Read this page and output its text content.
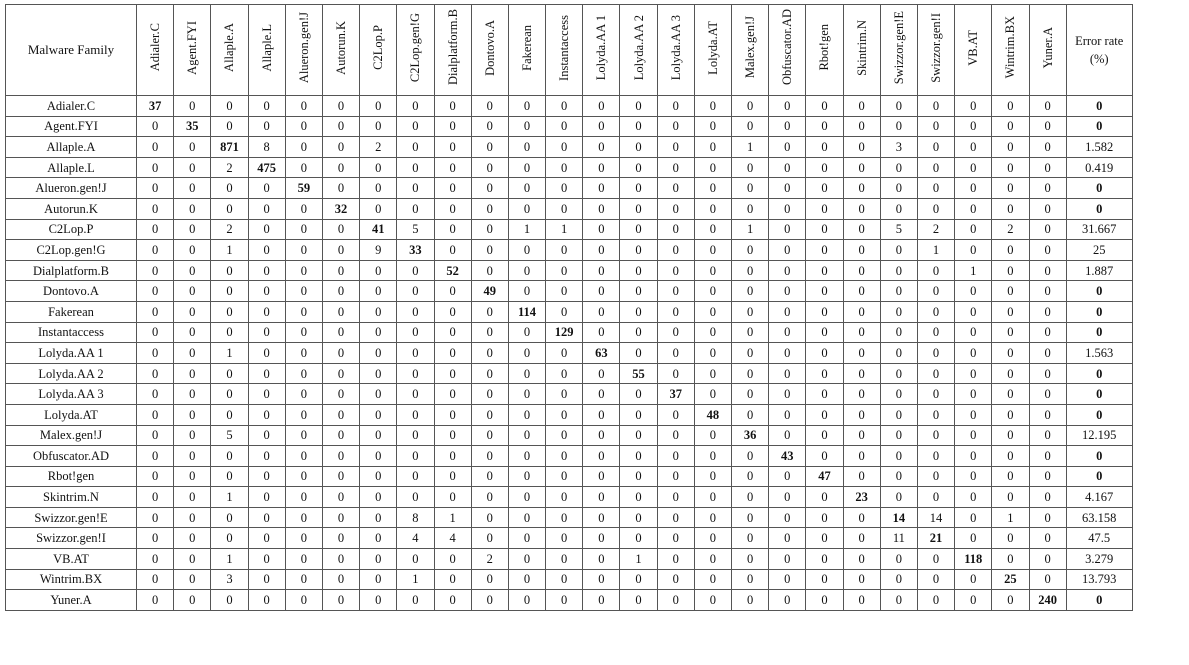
Malware Family	Adialer.C	Agent.FYI	Allaple.A	Allaple.L	Alueron.gen!J	Autorun.K	C2Lop.P	C2Lop.gen!G	Dialplatform.B	Dontovo.A	Fakerean	Instantaccess	Lolyda.AA 1	Lolyda.AA 2	Lolyda.AA 3	Lolyda.AT	Malex.gen!J	Obfuscator.AD	Rbot!gen	Skintrim.N	Swizzor.gen!E	Swizzor.gen!I	VB.AT	Wintrim.BX	Yuner.A	Error rate
(%)

Adialer.C	37	0	0	0	0	0	0	0	0	0	0	0	0	0	0	0	0	0	0	0	0	0	0	0	0	0
Agent.FYI	0	35	0	0	0	0	0	0	0	0	0	0	0	0	0	0	0	0	0	0	0	0	0	0	0	0
Allaple.A	0	0	871	8	0	0	2	0	0	0	0	0	0	0	0	0	1	0	0	0	3	0	0	0	0	1.582
Allaple.L	0	0	2	475	0	0	0	0	0	0	0	0	0	0	0	0	0	0	0	0	0	0	0	0	0	0.419
Alueron.gen!J	0	0	0	0	59	0	0	0	0	0	0	0	0	0	0	0	0	0	0	0	0	0	0	0	0	0
Autorun.K	0	0	0	0	0	32	0	0	0	0	0	0	0	0	0	0	0	0	0	0	0	0	0	0	0	0
C2Lop.P	0	0	2	0	0	0	41	5	0	0	1	1	0	0	0	0	1	0	0	0	5	2	0	2	0	31.667
C2Lop.gen!G	0	0	1	0	0	0	9	33	0	0	0	0	0	0	0	0	0	0	0	0	0	1	0	0	0	25
Dialplatform.B	0	0	0	0	0	0	0	0	52	0	0	0	0	0	0	0	0	0	0	0	0	0	1	0	0	1.887
Dontovo.A	0	0	0	0	0	0	0	0	0	49	0	0	0	0	0	0	0	0	0	0	0	0	0	0	0	0
Fakerean	0	0	0	0	0	0	0	0	0	0	114	0	0	0	0	0	0	0	0	0	0	0	0	0	0	0
Instantaccess	0	0	0	0	0	0	0	0	0	0	0	129	0	0	0	0	0	0	0	0	0	0	0	0	0	0
Lolyda.AA 1	0	0	1	0	0	0	0	0	0	0	0	0	63	0	0	0	0	0	0	0	0	0	0	0	0	1.563
Lolyda.AA 2	0	0	0	0	0	0	0	0	0	0	0	0	0	55	0	0	0	0	0	0	0	0	0	0	0	0
Lolyda.AA 3	0	0	0	0	0	0	0	0	0	0	0	0	0	0	37	0	0	0	0	0	0	0	0	0	0	0
Lolyda.AT	0	0	0	0	0	0	0	0	0	0	0	0	0	0	0	48	0	0	0	0	0	0	0	0	0	0
Malex.gen!J	0	0	5	0	0	0	0	0	0	0	0	0	0	0	0	0	36	0	0	0	0	0	0	0	0	12.195
Obfuscator.AD	0	0	0	0	0	0	0	0	0	0	0	0	0	0	0	0	0	43	0	0	0	0	0	0	0	0
Rbot!gen	0	0	0	0	0	0	0	0	0	0	0	0	0	0	0	0	0	0	47	0	0	0	0	0	0	0
Skintrim.N	0	0	1	0	0	0	0	0	0	0	0	0	0	0	0	0	0	0	0	23	0	0	0	0	0	4.167
Swizzor.gen!E	0	0	0	0	0	0	0	8	1	0	0	0	0	0	0	0	0	0	0	0	14	14	0	1	0	63.158
Swizzor.gen!I	0	0	0	0	0	0	0	4	4	0	0	0	0	0	0	0	0	0	0	0	11	21	0	0	0	47.5
VB.AT	0	0	1	0	0	0	0	0	0	2	0	0	0	1	0	0	0	0	0	0	0	0	118	0	0	3.279
Wintrim.BX	0	0	3	0	0	0	0	1	0	0	0	0	0	0	0	0	0	0	0	0	0	0	0	25	0	13.793
Yuner.A	0	0	0	0	0	0	0	0	0	0	0	0	0	0	0	0	0	0	0	0	0	0	0	0	240	0
